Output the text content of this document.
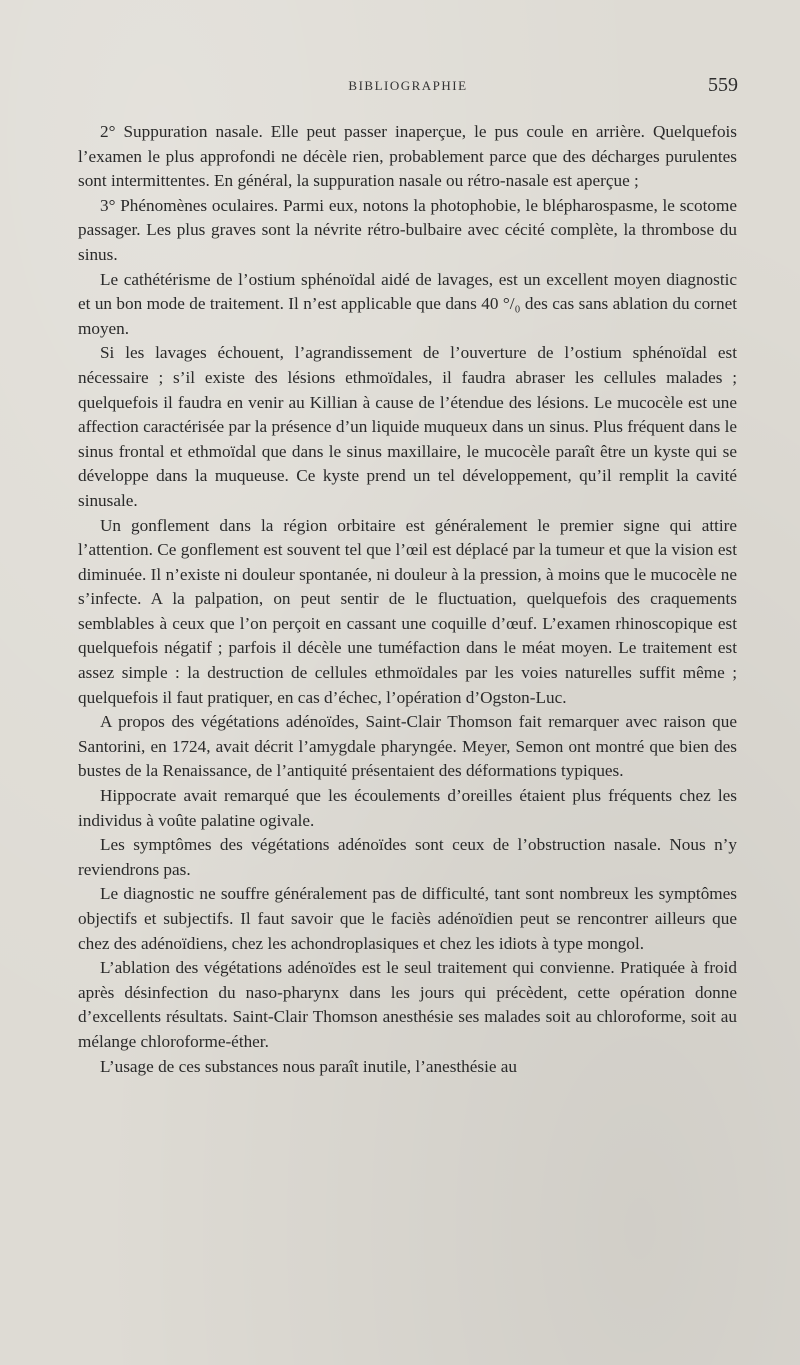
BIBLIOGRAPHIE	559

2° Suppuration nasale. Elle peut passer inaperçue, le pus coule en arrière. Quelquefois l’examen le plus approfondi ne décèle rien, probablement parce que des décharges purulentes sont intermittentes. En général, la suppuration nasale ou rétro-nasale est aperçue ;

3° Phénomènes oculaires. Parmi eux, notons la photophobie, le blépharospasme, le scotome passager. Les plus graves sont la névrite rétro-bulbaire avec cécité complète, la thrombose du sinus.

Le cathétérisme de l’ostium sphénoïdal aidé de lavages, est un excellent moyen diagnostic et un bon mode de traitement. Il n’est applicable que dans 40 °/₀ des cas sans ablation du cornet moyen.

Si les lavages échouent, l’agrandissement de l’ouverture de l’ostium sphénoïdal est nécessaire ; s’il existe des lésions ethmoïdales, il faudra abraser les cellules malades ; quelquefois il faudra en venir au Killian à cause de l’étendue des lésions. Le mucocèle est une affection caractérisée par la présence d’un liquide muqueux dans un sinus. Plus fréquent dans le sinus frontal et ethmoïdal que dans le sinus maxillaire, le mucocèle paraît être un kyste qui se développe dans la muqueuse. Ce kyste prend un tel développement, qu’il remplit la cavité sinusale.

Un gonflement dans la région orbitaire est généralement le premier signe qui attire l’attention. Ce gonflement est souvent tel que l’œil est déplacé par la tumeur et que la vision est diminuée. Il n’existe ni douleur spontanée, ni douleur à la pression, à moins que le mucocèle ne s’infecte. A la palpation, on peut sentir de le fluctuation, quelquefois des craquements semblables à ceux que l’on perçoit en cassant une coquille d’œuf. L’examen rhinoscopique est quelquefois négatif ; parfois il décèle une tuméfaction dans le méat moyen. Le traitement est assez simple : la destruction de cellules ethmoïdales par les voies naturelles suffit même ; quelquefois il faut pratiquer, en cas d’échec, l’opération d’Ogston-Luc.

A propos des végétations adénoïdes, Saint-Clair Thomson fait remarquer avec raison que Santorini, en 1724, avait décrit l’amygdale pharyngée. Meyer, Semon ont montré que bien des bustes de la Renaissance, de l’antiquité présentaient des déformations typiques.

Hippocrate avait remarqué que les écoulements d’oreilles étaient plus fréquents chez les individus à voûte palatine ogivale.

Les symptômes des végétations adénoïdes sont ceux de l’obstruction nasale. Nous n’y reviendrons pas.

Le diagnostic ne souffre généralement pas de difficulté, tant sont nombreux les symptômes objectifs et subjectifs. Il faut savoir que le faciès adénoïdien peut se rencontrer ailleurs que chez des adénoïdiens, chez les achondroplasiques et chez les idiots à type mongol.

L’ablation des végétations adénoïdes est le seul traitement qui convienne. Pratiquée à froid après désinfection du naso-pharynx dans les jours qui précèdent, cette opération donne d’excellents résultats. Saint-Clair Thomson anesthésie ses malades soit au chloroforme, soit au mélange chloroforme-éther.

L’usage de ces substances nous paraît inutile, l’anesthésie au
